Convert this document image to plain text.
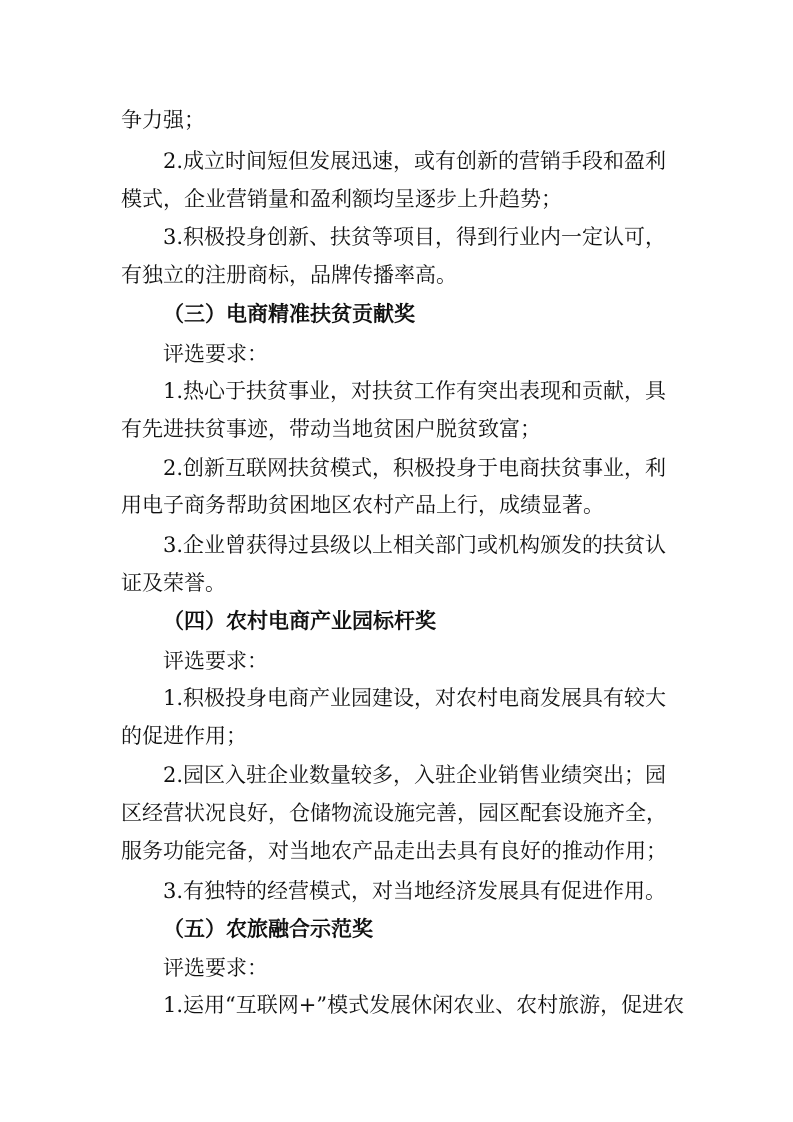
争力强；
2.成立时间短但发展迅速，或有创新的营销手段和盈利
模式，企业营销量和盈利额均呈逐步上升趋势；
3.积极投身创新、扶贫等项目，得到行业内一定认可，
有独立的注册商标，品牌传播率高。
（三）电商精准扶贫贡献奖
评选要求：
1.热心于扶贫事业，对扶贫工作有突出表现和贡献，具
有先进扶贫事迹，带动当地贫困户脱贫致富；
2.创新互联网扶贫模式，积极投身于电商扶贫事业，利
用电子商务帮助贫困地区农村产品上行，成绩显著。
3.企业曾获得过县级以上相关部门或机构颁发的扶贫认
证及荣誉。
（四）农村电商产业园标杆奖
评选要求：
1.积极投身电商产业园建设，对农村电商发展具有较大
的促进作用；
2.园区入驻企业数量较多，入驻企业销售业绩突出；园
区经营状况良好，仓储物流设施完善，园区配套设施齐全，
服务功能完备，对当地农产品走出去具有良好的推动作用；
3.有独特的经营模式，对当地经济发展具有促进作用。
（五）农旅融合示范奖
评选要求：
1.运用“互联网+”模式发展休闲农业、农村旅游，促进农
